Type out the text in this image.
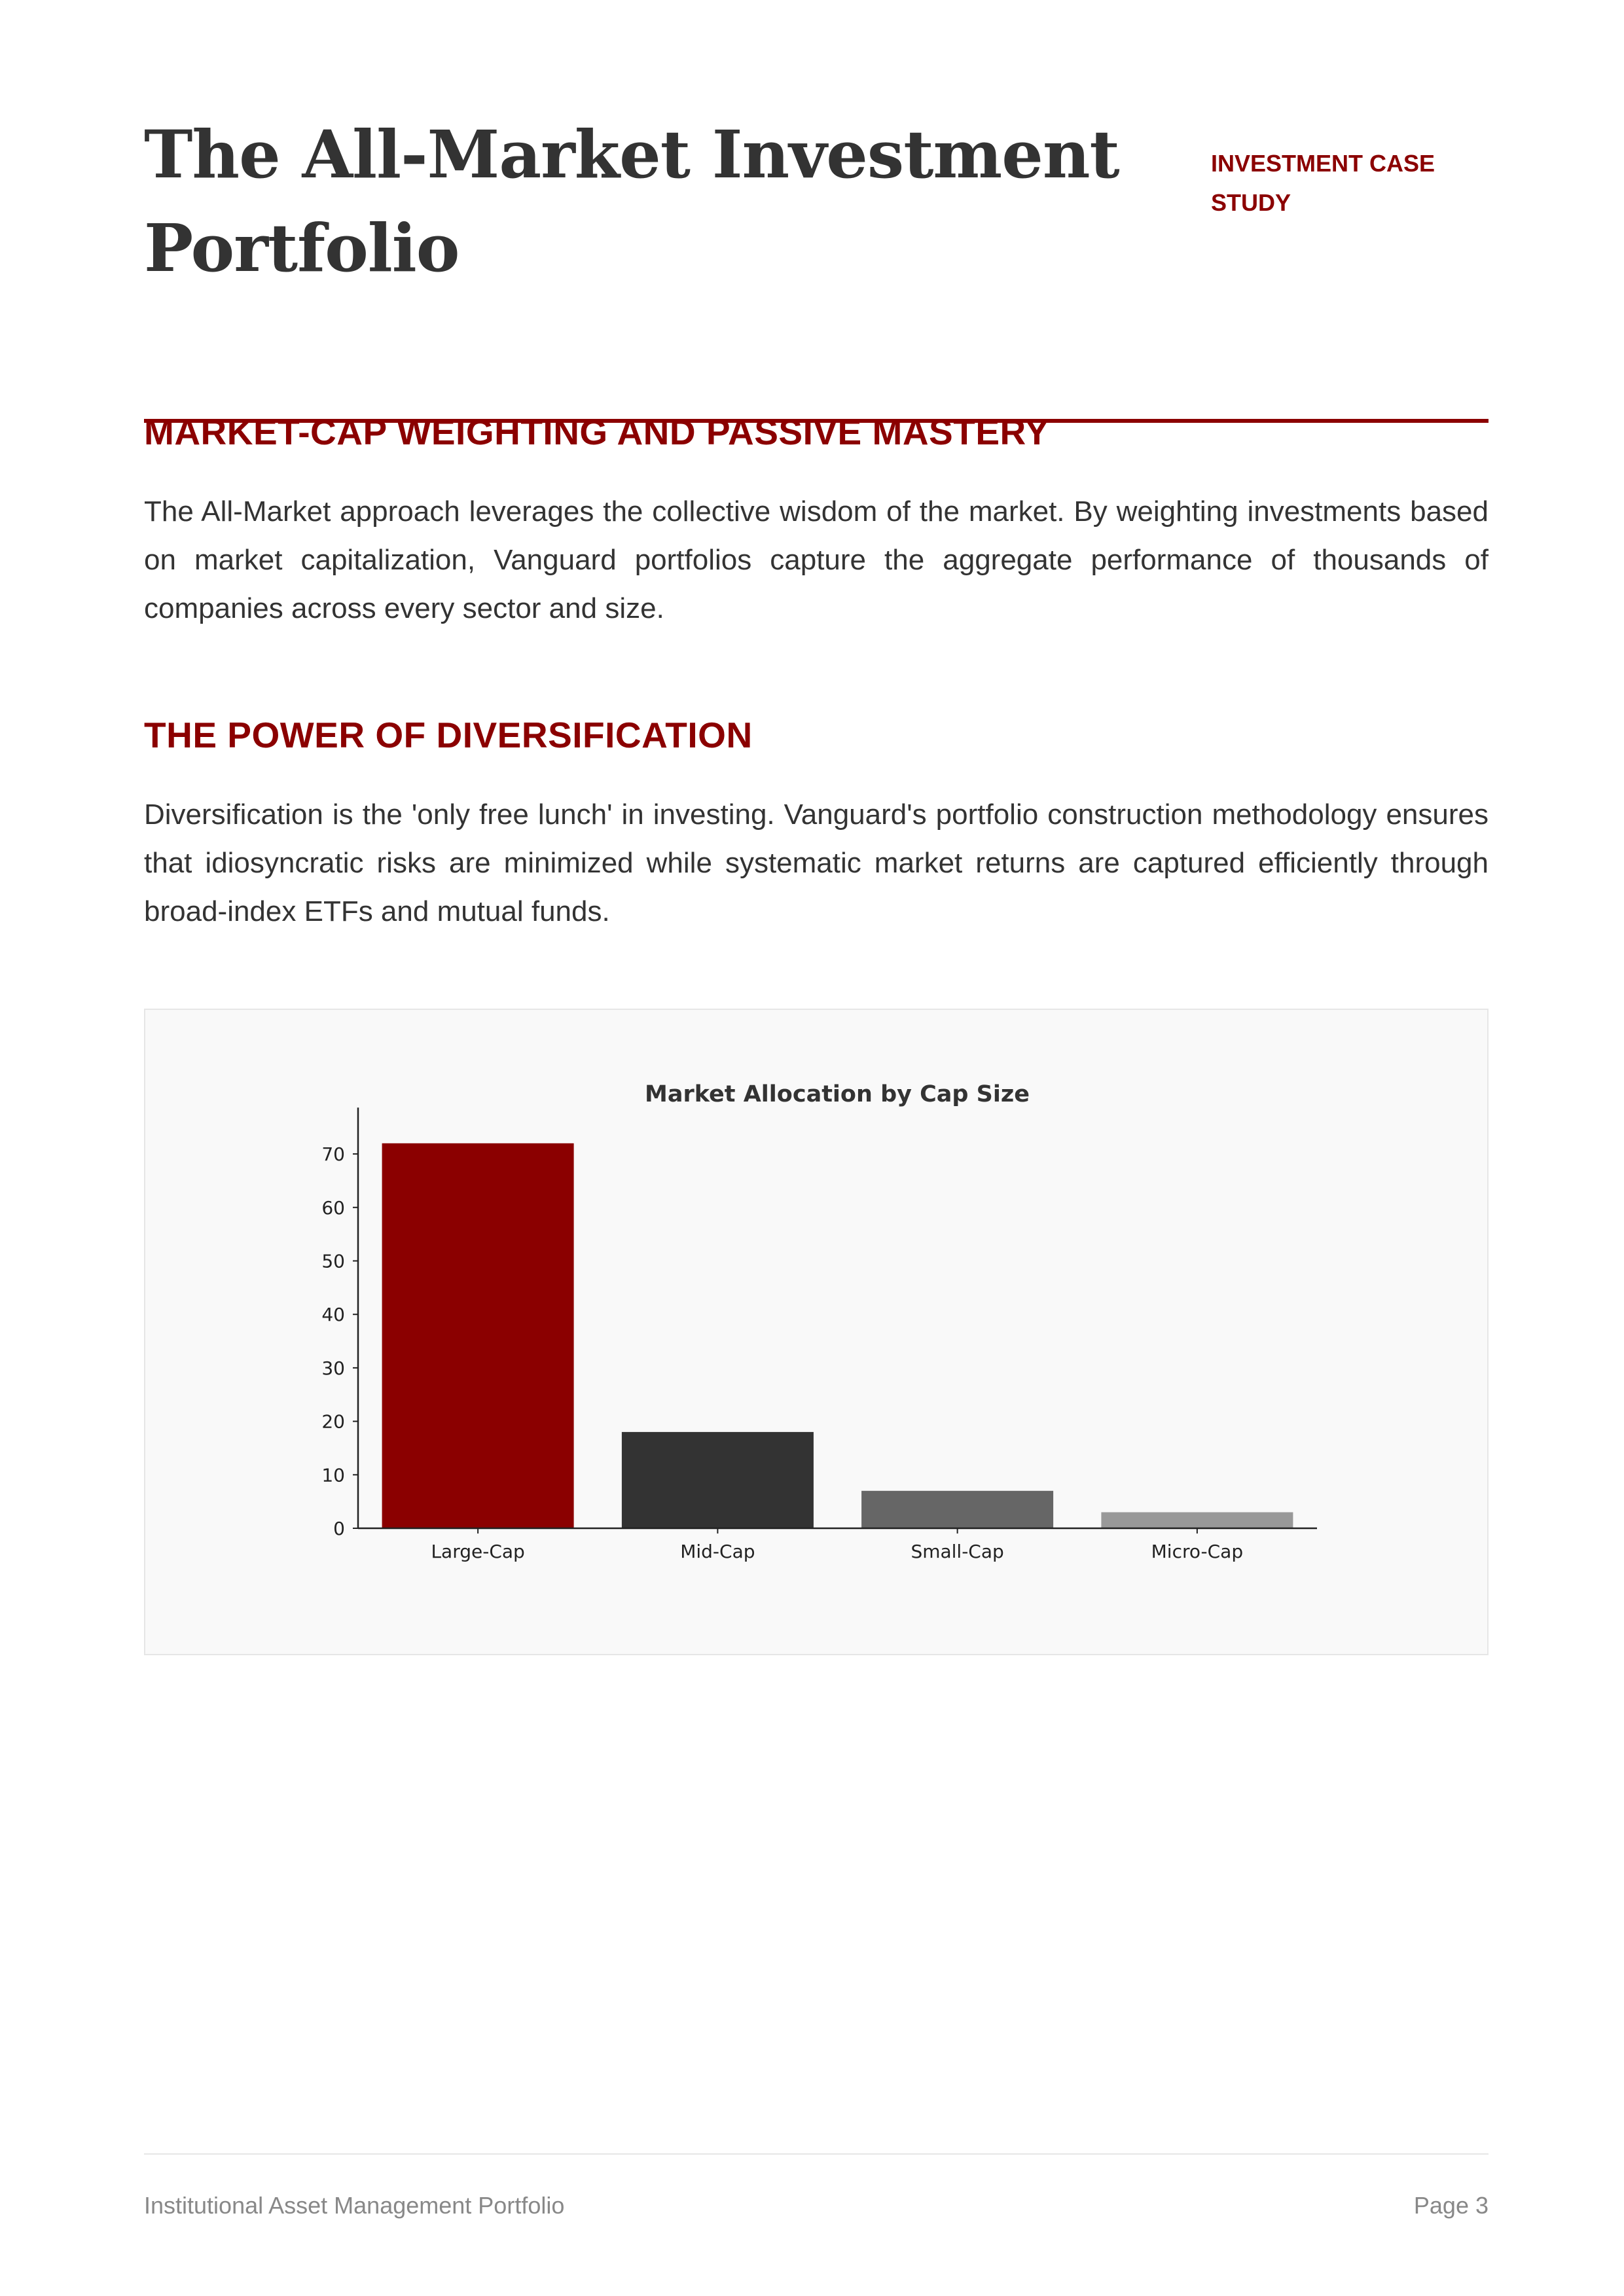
The All-Market Investment Portfolio
INVESTMENT CASE STUDY
MARKET-CAP WEIGHTING AND PASSIVE MASTERY

The All-Market approach leverages the collective wisdom of the market. By weighting investments based on market capitalization, Vanguard portfolios capture the aggregate performance of thousands of companies across every sector and size.

THE POWER OF DIVERSIFICATION

Diversification is the 'only free lunch' in investing. Vanguard's portfolio construction methodology ensures that idiosyncratic risks are minimized while systematic market returns are captured efficiently through broad-index ETFs and mutual funds.

Market Allocation by Cap Size
Large-Cap	Mid-Cap	Small-Cap	Micro-Cap
0
10
20
30
40
50
60
70
Institutional Asset Management Portfolio	Page 3
